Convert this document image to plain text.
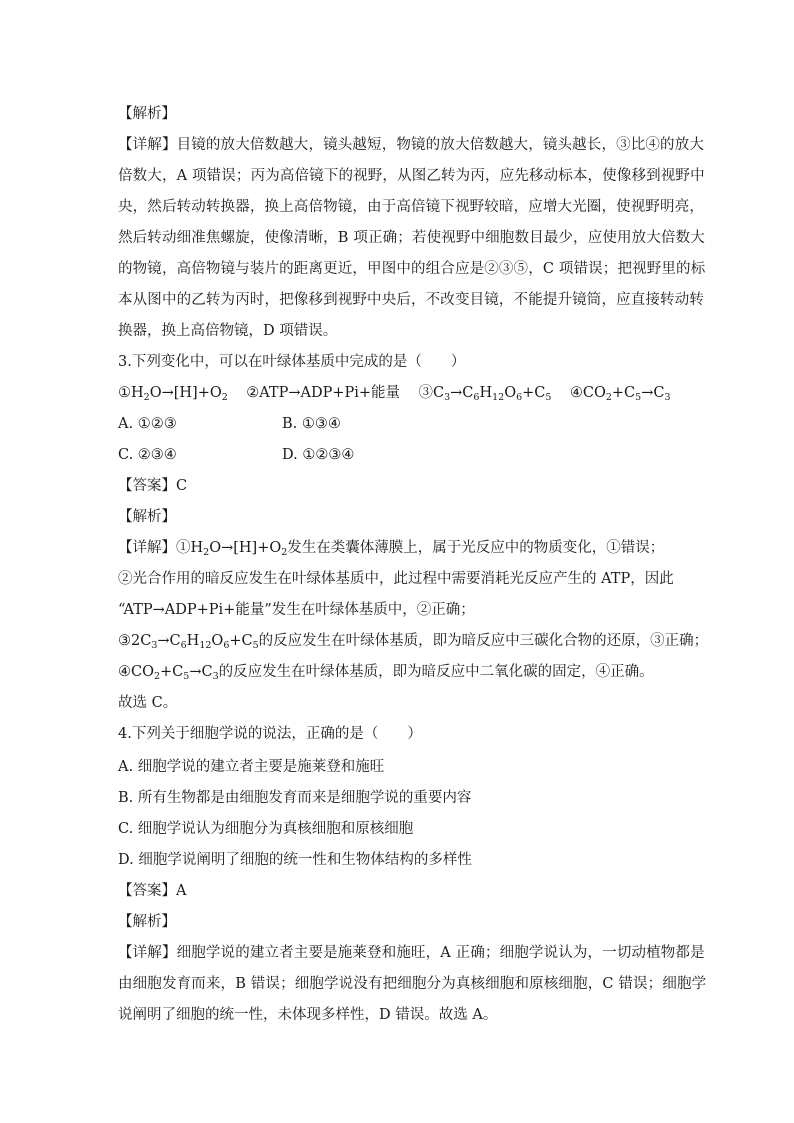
【解析】
【详解】目镜的放大倍数越大，镜头越短，物镜的放大倍数越大，镜头越长，③比④的放大
倍数大，A 项错误；丙为高倍镜下的视野，从图乙转为丙，应先移动标本，使像移到视野中
央，然后转动转换器，换上高倍物镜，由于高倍镜下视野较暗，应增大光圈，使视野明亮，
然后转动细准焦螺旋，使像清晰，B 项正确；若使视野中细胞数目最少，应使用放大倍数大
的物镜，高倍物镜与装片的距离更近，甲图中的组合应是②③⑤，C 项错误；把视野里的标
本从图中的乙转为丙时，把像移到视野中央后，不改变目镜，不能提升镜筒，应直接转动转
换器，换上高倍物镜，D 项错误。
3.下列变化中，可以在叶绿体基质中完成的是（　　）
$①H_2O\to[H]+O_2$ ②ATP→ADP+Pi+能量 $③C_3\to C_6H_{12}O_6+C_5$ $④CO_2+C_5\to C_3$
A. ①②③	B. ①③④
C. ②③④	D. ①②③④
【答案】C
【解析】
【详解】$①H_2O\to[H]+O_2$发生在类囊体薄膜上，属于光反应中的物质变化，①错误；
②光合作用的暗反应发生在叶绿体基质中，此过程中需要消耗光反应产生的 ATP，因此
“ATP→ADP+Pi+能量”发生在叶绿体基质中，②正确；
$③2C_3\to C_6H_{12}O_6+C_5$的反应发生在叶绿体基质，即为暗反应中三碳化合物的还原，③正确；
$④CO_2+C_5\to C_3$的反应发生在叶绿体基质，即为暗反应中二氧化碳的固定，④正确。
故选 C。
4.下列关于细胞学说的说法，正确的是（　　）
A. 细胞学说的建立者主要是施莱登和施旺
B. 所有生物都是由细胞发育而来是细胞学说的重要内容
C. 细胞学说认为细胞分为真核细胞和原核细胞
D. 细胞学说阐明了细胞的统一性和生物体结构的多样性
【答案】A
【解析】
【详解】细胞学说的建立者主要是施莱登和施旺，A 正确；细胞学说认为，一切动植物都是
由细胞发育而来，B 错误；细胞学说没有把细胞分为真核细胞和原核细胞，C 错误；细胞学
说阐明了细胞的统一性，未体现多样性，D 错误。故选 A。
